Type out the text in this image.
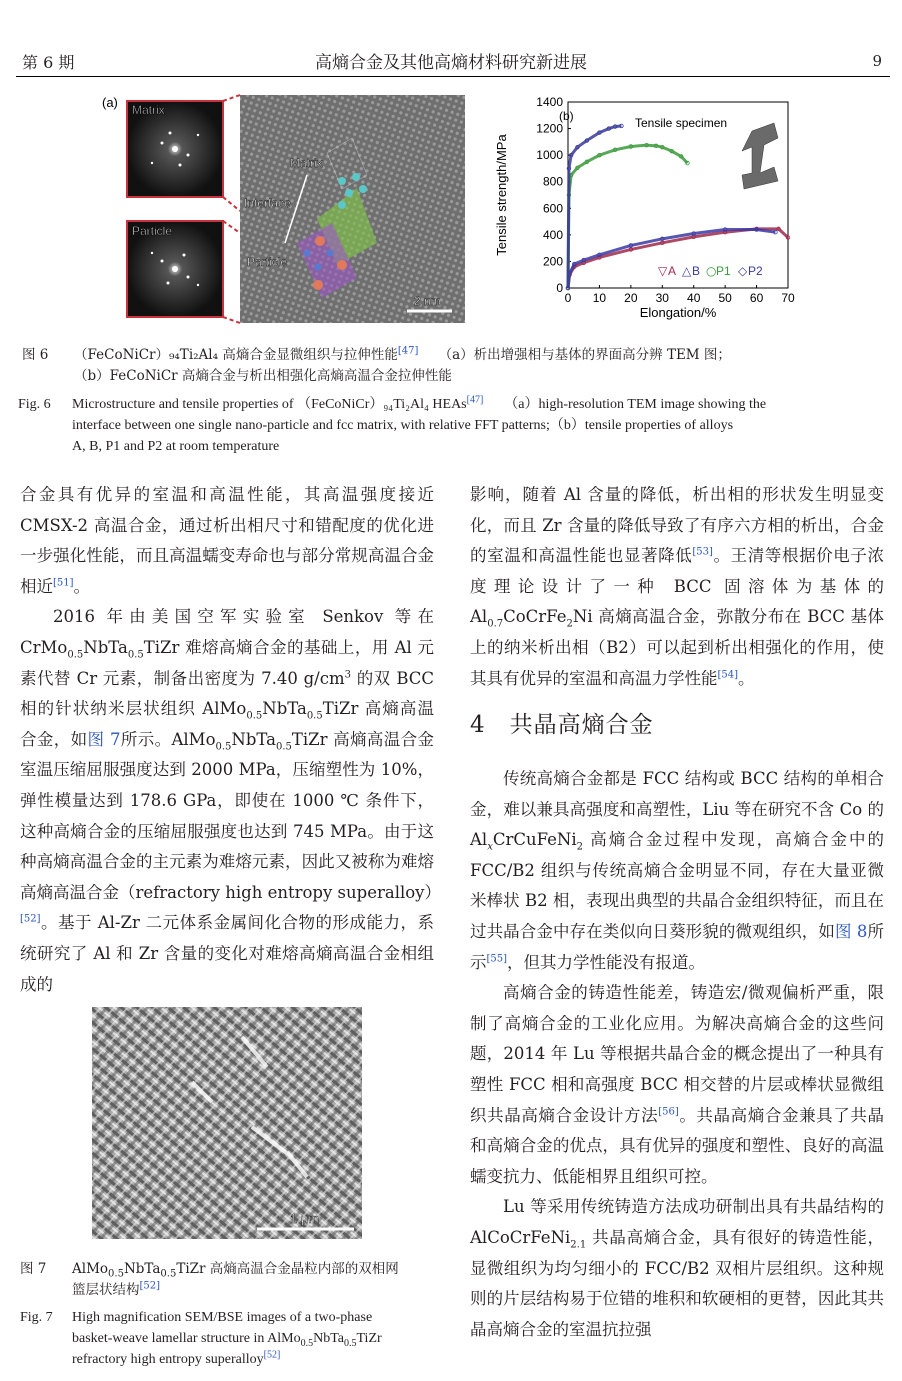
第 6 期	高熵合金及其他高熵材料研究新进展	9
(a) Matrix
Particle
Matrix
Interface
Particle
2 nm
(b)	Tensile specimen
0 10 20 30 40 50 60 70
0
200
400
600
800
1000
1200
1400
Elongation/%
Tensile strength/MPa
▽ A △ B ○ P1 ◇ P2
图 6 （FeCoNiCr）₉₄Ti₂Al₄ 高熵合金显微组织与拉伸性能[47]　　 （a）析出增强相与基体的界面高分辨 TEM 图；
（b）FeCoNiCr 高熵合金与析出相强化高熵高温合金拉伸性能
Fig. 6 Microstructure and tensile properties of （FeCoNiCr）₉₄Ti₂Al₄ HEAs[47]　　 （a）high-resolution TEM image showing the
interface between one single nano-particle and fcc matrix, with relative FFT patterns;（b）tensile properties of alloys
A, B, P1 and P2 at room temperature

合金具有优异的室温和高温性能，其高温强度接近CMSX-2 高温合金，通过析出相尺寸和错配度的优化进一步强化性能，而且高温蠕变寿命也与部分常规高温合金相近[51]。

2016 年由美国空军实验室 Senkov 等在 CrMo$_{0.5}$NbTa$_{0.5}$TiZr 难熔高熵合金的基础上，用 Al 元素代替 Cr 元素，制备出密度为 7.40 $g/cm^3$ 的双 BCC 相的针状纳米层状组织 AlMo$_{0.5}$NbTa$_{0.5}$TiZr 高熵高温合金，如图 7所示。AlMo$_{0.5}$NbTa$_{0.5}$TiZr 高熵高温合金室温压缩屈服强度达到 2000 MPa，压缩塑性为 10%，弹性模量达到 178.6 GPa，即使在 1000 ℃ 条件下，这种高熵合金的压缩屈服强度也达到 745 MPa。由于这种高熵高温合金的主元素为难熔元素，因此又被称为难熔高熵高温合金（refractory high entropy superalloy）[52]。基于 Al-Zr 二元体系金属间化合物的形成能力，系统研究了 Al 和 Zr 含量的变化对难熔高熵高温合金相组成的

1 μm
图 7 AlMo$_{0.5}$NbTa$_{0.5}$TiZr 高熵高温合金晶粒内部的双相网
篮层状结构[52]
Fig. 7 High magnification SEM/BSE images of a two-phase
basket-weave lamellar structure in AlMo$_{0.5}$NbTa$_{0.5}$TiZr
refractory high entropy superalloy[52]

影响，随着 Al 含量的降低，析出相的形状发生明显变化，而且 Zr 含量的降低导致了有序六方相的析出，合金的室温和高温性能也显著降低[53]。王清等根据价电子浓度理论设计了一种 BCC 固溶体为基体的 $Al_{0.7}CoCrFe_2Ni$ 高熵高温合金，弥散分布在 BCC 基体上的纳米析出相（B2）可以起到析出相强化的作用，使其具有优异的室温和高温力学性能[54]。

4　共晶高熵合金

传统高熵合金都是 FCC 结构或 BCC 结构的单相合金，难以兼具高强度和高塑性，Liu 等在研究不含 Co 的 $Al_xCrCuFeNi_2$ 高熵合金过程中发现，高熵合金中的 FCC/B2 组织与传统高熵合金明显不同，存在大量亚微米棒状 B2 相，表现出典型的共晶合金组织特征，而且在过共晶合金中存在类似向日葵形貌的微观组织，如图 8所示[55]，但其力学性能没有报道。

高熵合金的铸造性能差，铸造宏/微观偏析严重，限制了高熵合金的工业化应用。为解决高熵合金的这些问题，2014 年 Lu 等根据共晶合金的概念提出了一种具有塑性 FCC 相和高强度 BCC 相交替的片层或棒状显微组织共晶高熵合金设计方法[56]。共晶高熵合金兼具了共晶和高熵合金的优点，具有优异的强度和塑性、良好的高温蠕变抗力、低能相界且组织可控。

Lu 等采用传统铸造方法成功研制出具有共晶结构的 AlCoCrFeNi$_{2.1}$ 共晶高熵合金，具有很好的铸造性能，显微组织为均匀细小的 FCC/B2 双相片层组织。这种规则的片层结构易于位错的堆积和软硬相的更替，因此其共晶高熵合金的室温抗拉强
